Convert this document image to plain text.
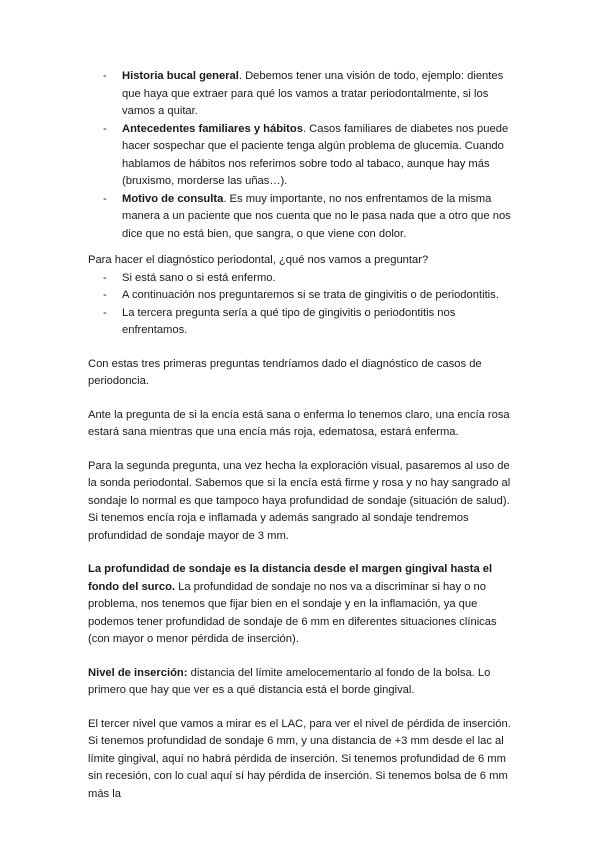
- Historia bucal general. Debemos tener una visión de todo, ejemplo: dientes que haya que extraer para qué los vamos a tratar periodontalmente, si los vamos a quitar.
- Antecedentes familiares y hábitos. Casos familiares de diabetes nos puede hacer sospechar que el paciente tenga algún problema de glucemia. Cuando hablamos de hábitos nos referimos sobre todo al tabaco, aunque hay más (bruxismo, morderse las uñas…).
- Motivo de consulta. Es muy importante, no nos enfrentamos de la misma manera a un paciente que nos cuenta que no le pasa nada que a otro que nos dice que no está bien, que sangra, o que viene con dolor.

Para hacer el diagnóstico periodontal, ¿qué nos vamos a preguntar?

- Si está sano o si está enfermo.
- A continuación nos preguntaremos si se trata de gingivitis o de periodontitis.
- La tercera pregunta sería a qué tipo de gingivitis o periodontitis nos enfrentamos.

Con estas tres primeras preguntas tendríamos dado el diagnóstico de casos de periodoncia.

Ante la pregunta de si la encía está sana o enferma lo tenemos claro, una encía rosa estará sana mientras que una encía más roja, edematosa, estará enferma.

Para la segunda pregunta, una vez hecha la exploración visual, pasaremos al uso de la sonda periodontal. Sabemos que si la encía está firme y rosa y no hay sangrado al sondaje lo normal es que tampoco haya profundidad de sondaje (situación de salud). Si tenemos encía roja e inflamada y además sangrado al sondaje tendremos profundidad de sondaje mayor de 3 mm.

La profundidad de sondaje es la distancia desde el margen gingival hasta el fondo del surco. La profundidad de sondaje no nos va a discriminar si hay o no problema, nos tenemos que fijar bien en el sondaje y en la inflamación, ya que podemos tener profundidad de sondaje de 6 mm en diferentes situaciones clínicas (con mayor o menor pérdida de inserción).

Nivel de inserción: distancia del límite amelocementario al fondo de la bolsa. Lo primero que hay que ver es a qué distancia está el borde gingival.

El tercer nivel que vamos a mirar es el LAC, para ver el nivel de pérdida de inserción. Si tenemos profundidad de sondaje 6 mm, y una distancia de +3 mm desde el lac al límite gingival, aquí no habrá pérdida de inserción. Si tenemos profundidad de 6 mm sin recesión, con lo cual aquí sí hay pérdida de inserción. Si tenemos bolsa de 6 mm más la
